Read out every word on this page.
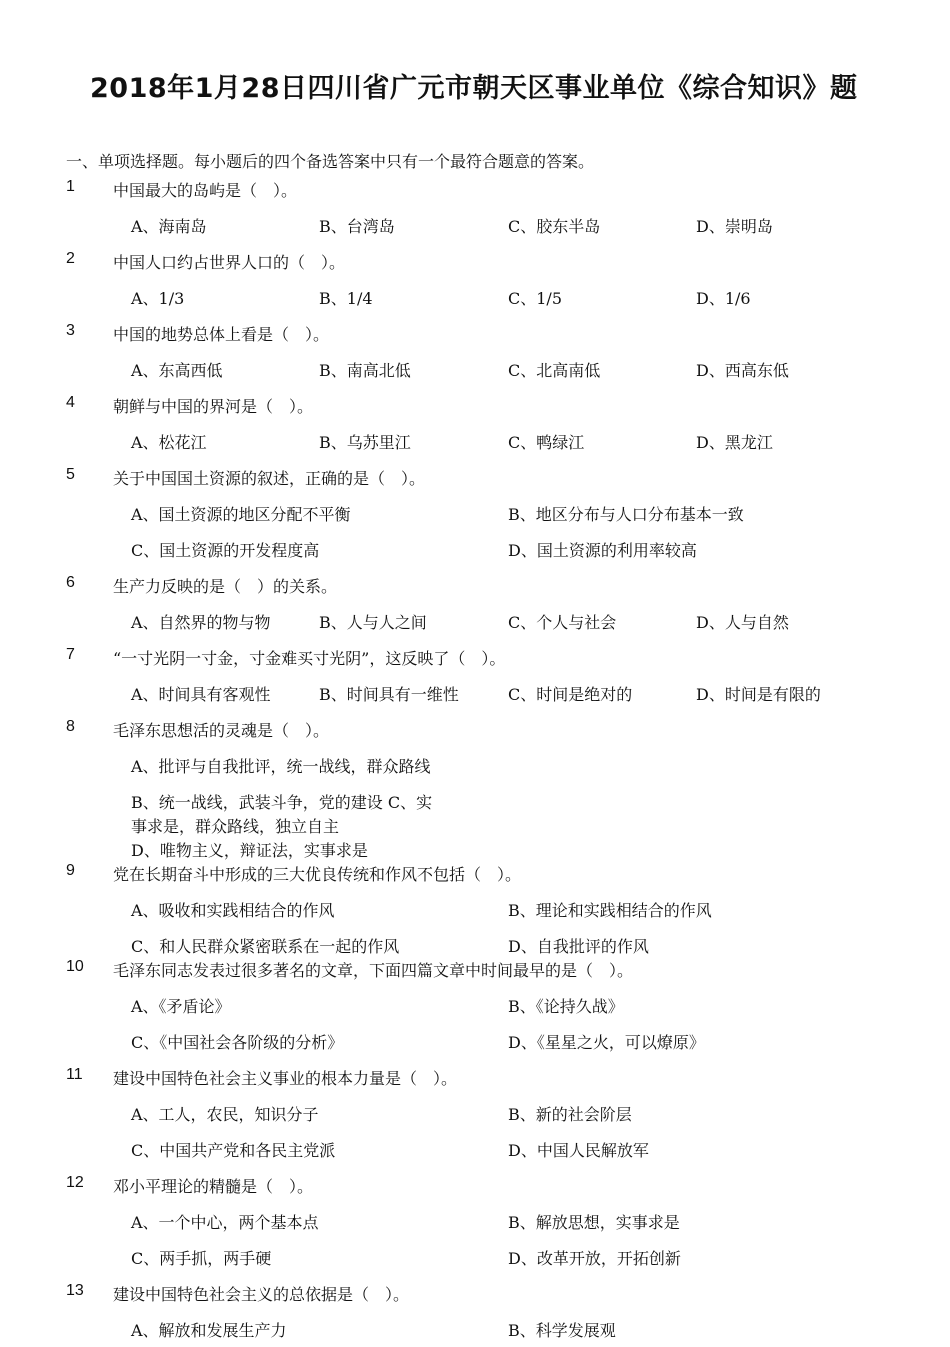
2018年1月28日四川省广元市朝天区事业单位《综合知识》题
一、单项选择题。每小题后的四个备选答案中只有一个最符合题意的答案。
1 中国最大的岛屿是（　）。
A、海南岛	B、台湾岛	C、胶东半岛	D、崇明岛
2 中国人口约占世界人口的（　）。
A、1/3	B、1/4	C、1/5	D、1/6
3 中国的地势总体上看是（　）。
A、东高西低	B、南高北低	C、北高南低	D、西高东低
4 朝鲜与中国的界河是（　）。
A、松花江	B、乌苏里江	C、鸭绿江	D、黑龙江
5 关于中国国土资源的叙述，正确的是（　）。
A、国土资源的地区分配不平衡	B、地区分布与人口分布基本一致
C、国土资源的开发程度高	D、国土资源的利用率较高
6 生产力反映的是（　）的关系。
A、自然界的物与物	B、人与人之间	C、个人与社会	D、人与自然
7 “一寸光阴一寸金，寸金难买寸光阴”，这反映了（　）。
A、时间具有客观性	B、时间具有一维性	C、时间是绝对的	D、时间是有限的
8 毛泽东思想活的灵魂是（　）。
A、批评与自我批评，统一战线，群众路线
B、统一战线，武装斗争，党的建设 C、实
事求是，群众路线，独立自主
D、唯物主义，辩证法，实事求是
9 党在长期奋斗中形成的三大优良传统和作风不包括（　）。
A、吸收和实践相结合的作风	B、理论和实践相结合的作风
C、和人民群众紧密联系在一起的作风	D、自我批评的作风
10 毛泽东同志发表过很多著名的文章，下面四篇文章中时间最早的是（　）。
A、《矛盾论》	B、《论持久战》
C、《中国社会各阶级的分析》	D、《星星之火，可以燎原》
11 建设中国特色社会主义事业的根本力量是（　）。
A、工人，农民，知识分子	B、新的社会阶层
C、中国共产党和各民主党派	D、中国人民解放军
12 邓小平理论的精髓是（　）。
A、一个中心，两个基本点	B、解放思想，实事求是
C、两手抓，两手硬	D、改革开放，开拓创新
13 建设中国特色社会主义的总依据是（　）。
A、解放和发展生产力	B、科学发展观
